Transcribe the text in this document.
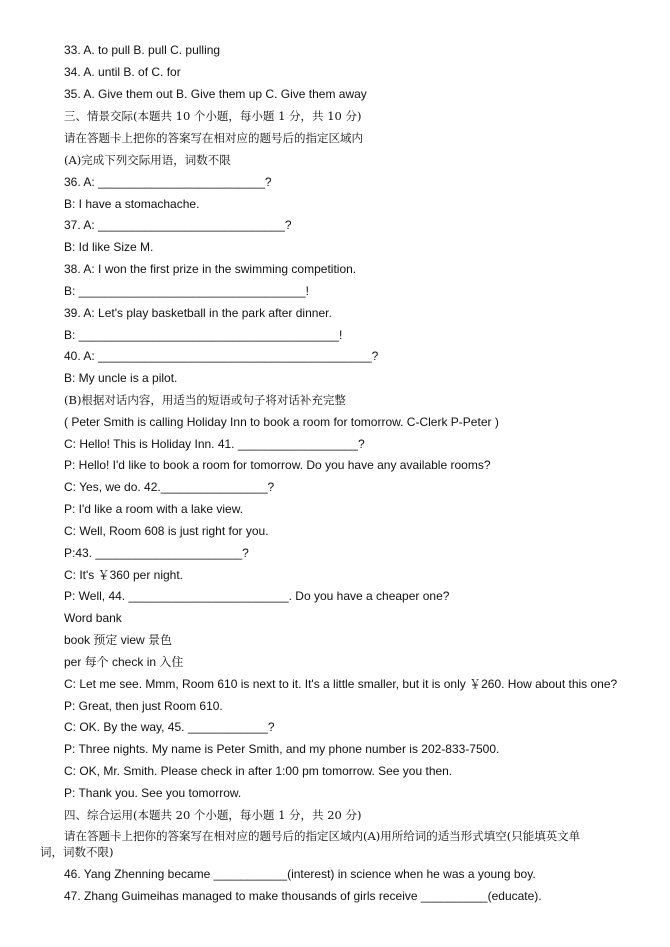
33. A. to pull B. pull C. pulling
34. A. until B. of C. for
35. A. Give them out B. Give them up C. Give them away
三、情景交际(本题共 10 个小题，每小题 1 分，共 10 分)
请在答题卡上把你的答案写在相对应的题号后的指定区域内
(A)完成下列交际用语，词数不限
36. A: _________________________?
B: I have a stomachache.
37. A: ____________________________?
B: Id like Size M.
38. A: I won the first prize in the swimming competition.
B: __________________________________!
39. A: Let's play basketball in the park after dinner.
B: _______________________________________!
40. A: _________________________________________?
B: My uncle is a pilot.
(B)根据对话内容，用适当的短语或句子将对话补充完整
( Peter Smith is calling Holiday Inn to book a room for tomorrow. C-Clerk P-Peter )
C: Hello! This is Holiday Inn. 41. __________________?
P: Hello! I'd like to book a room for tomorrow. Do you have any available rooms?
C: Yes, we do. 42.________________?
P: I'd like a room with a lake view.
C: Well, Room 608 is just right for you.
P:43. ______________________?
C: It's ￥360 per night.
P: Well, 44. ________________________. Do you have a cheaper one?
Word bank
book 预定 view 景色
per 每个 check in 入住
C: Let me see. Mmm, Room 610 is next to it. It's a little smaller, but it is only ￥260. How about this one?
P: Great, then just Room 610.
C: OK. By the way, 45. ____________?
P: Three nights. My name is Peter Smith, and my phone number is 202-833-7500.
C: OK, Mr. Smith. Please check in after 1:00 pm tomorrow. See you then.
P: Thank you. See you tomorrow.
四、综合运用(本题共 20 个小题，每小题 1 分，共 20 分)
请在答题卡上把你的答案写在相对应的题号后的指定区域内(A)用所给词的适当形式填空(只能填英文单词，词数不限)
46. Yang Zhenning became ___________(interest) in science when he was a young boy.
47. Zhang Guimeihas managed to make thousands of girls receive __________(educate).
